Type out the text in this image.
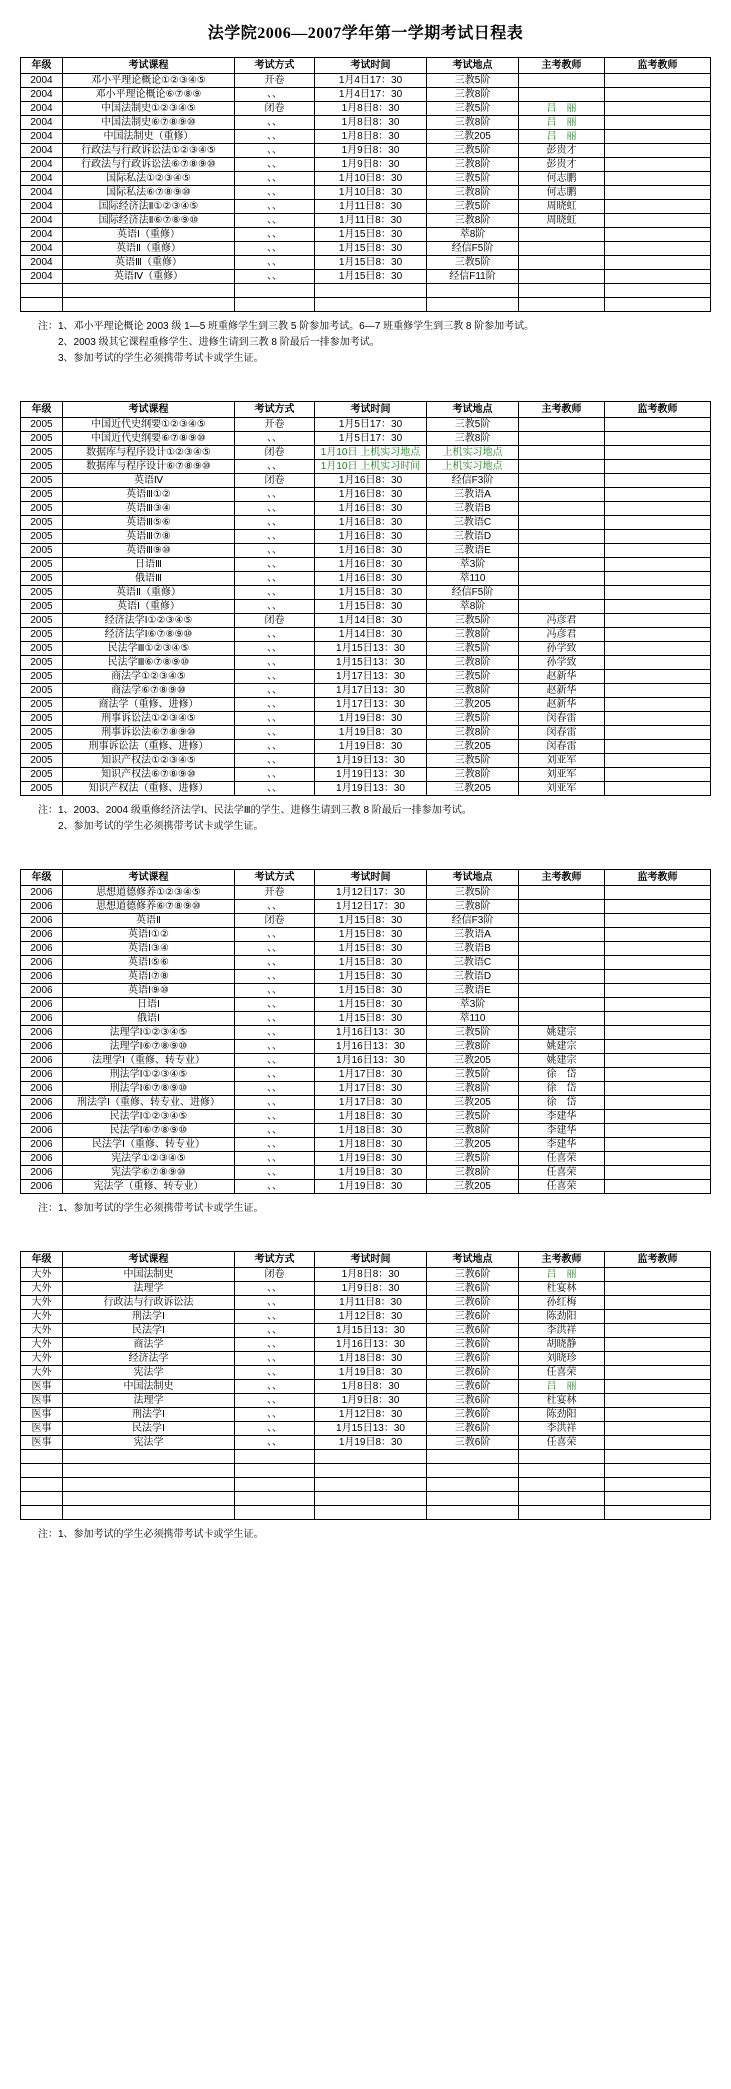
法学院2006—2007学年第一学期考试日程表
年级	考试课程	考试方式	考试时间	考试地点	主考教师	监考教师
2004	邓小平理论概论①②③④⑤	开卷	1月4日17：30	三教5阶		
2004	邓小平理论概论⑥⑦⑧⑨	、、	1月4日17：30	三教8阶		
2004	中国法制史①②③④⑤	闭卷	1月8日8：30	三教5阶	吕　丽	
2004	中国法制史⑥⑦⑧⑨⑩	、、	1月8日8：30	三教8阶	吕　丽	
2004	中国法制史（重修）	、、	1月8日8：30	三教205	吕　丽	
2004	行政法与行政诉讼法①②③④⑤	、、	1月9日8：30	三教5阶	彭贵才	
2004	行政法与行政诉讼法⑥⑦⑧⑨⑩	、、	1月9日8：30	三教8阶	彭贵才	
2004	国际私法①②③④⑤	、、	1月10日8：30	三教5阶	何志鹏	
2004	国际私法⑥⑦⑧⑨⑩	、、	1月10日8：30	三教8阶	何志鹏	
2004	国际经济法Ⅱ①②③④⑤	、、	1月11日8：30	三教5阶	周晓虹	
2004	国际经济法Ⅱ⑥⑦⑧⑨⑩	、、	1月11日8：30	三教8阶	周晓虹	
2004	英语Ⅰ（重修）	、、	1月15日8：30	萃8阶		
2004	英语Ⅱ（重修）	、、	1月15日8：30	经信F5阶		
2004	英语Ⅲ（重修）	、、	1月15日8：30	三教5阶		
2004	英语Ⅳ（重修）	、、	1月15日8：30	经信F11阶		

注：1、邓小平理论概论 2003 级 1—5 班重修学生到三教 5 阶参加考试。6—7 班重修学生到三教 8 阶参加考试。
　　2、2003 级其它课程重修学生、进修生请到三教 8 阶最后一排参加考试。
　　3、参加考试的学生必须携带考试卡或学生证。
年级	考试课程	考试方式	考试时间	考试地点	主考教师	监考教师
2005	中国近代史纲要①②③④⑤	开卷	1月5日17：30	三教5阶		
2005	中国近代史纲要⑥⑦⑧⑨⑩	、、	1月5日17：30	三教8阶		
2005	数据库与程序设计①②③④⑤	闭卷	1月10日 上机实习地点	上机实习地点		
2005	数据库与程序设计⑥⑦⑧⑨⑩	、、	1月10日 上机实习时间	上机实习地点		
2005	英语Ⅳ	闭卷	1月16日8：30	经信F3阶		
2005	英语Ⅲ①②	、、	1月16日8：30	三教语A		
2005	英语Ⅲ③④	、、	1月16日8：30	三教语B		
2005	英语Ⅲ⑤⑥	、、	1月16日8：30	三教语C		
2005	英语Ⅲ⑦⑧	、、	1月16日8：30	三教语D		
2005	英语Ⅲ⑨⑩	、、	1月16日8：30	三教语E		
2005	日语Ⅲ	、、	1月16日8：30	萃3阶		
2005	俄语Ⅲ	、、	1月16日8：30	萃110		
2005	英语Ⅱ（重修）	、、	1月15日8：30	经信F5阶		
2005	英语Ⅰ（重修）	、、	1月15日8：30	萃8阶		
2005	经济法学Ⅰ①②③④⑤	闭卷	1月14日8：30	三教5阶	冯彦君	
2005	经济法学Ⅰ⑥⑦⑧⑨⑩	、、	1月14日8：30	三教8阶	冯彦君	
2005	民法学Ⅲ①②③④⑤	、、	1月15日13：30	三教5阶	孙学致	
2005	民法学Ⅲ⑥⑦⑧⑨⑩	、、	1月15日13：30	三教8阶	孙学致	
2005	商法学①②③④⑤	、、	1月17日13：30	三教5阶	赵新华	
2005	商法学⑥⑦⑧⑨⑩	、、	1月17日13：30	三教8阶	赵新华	
2005	商法学（重修、进修）	、、	1月17日13：30	三教205	赵新华	
2005	刑事诉讼法①②③④⑤	、、	1月19日8：30	三教5阶	闵春雷	
2005	刑事诉讼法⑥⑦⑧⑨⑩	、、	1月19日8：30	三教8阶	闵春雷	
2005	刑事诉讼法（重修、进修）	、、	1月19日8：30	三教205	闵春雷	
2005	知识产权法①②③④⑤	、、	1月19日13：30	三教5阶	刘亚军	
2005	知识产权法⑥⑦⑧⑨⑩	、、	1月19日13：30	三教8阶	刘亚军	
2005	知识产权法（重修、进修）	、、	1月19日13：30	三教205	刘亚军	
注：1、2003、2004 级重修经济法学Ⅰ、民法学Ⅲ的学生、进修生请到三教 8 阶最后一排参加考试。
　　2、参加考试的学生必须携带考试卡或学生证。
年级	考试课程	考试方式	考试时间	考试地点	主考教师	监考教师
2006	思想道德修养①②③④⑤	开卷	1月12日17：30	三教5阶		
2006	思想道德修养⑥⑦⑧⑨⑩	、、	1月12日17：30	三教8阶		
2006	英语Ⅱ	闭卷	1月15日8：30	经信F3阶		
2006	英语Ⅰ①②	、、	1月15日8：30	三教语A		
2006	英语Ⅰ③④	、、	1月15日8：30	三教语B		
2006	英语Ⅰ⑤⑥	、、	1月15日8：30	三教语C		
2006	英语Ⅰ⑦⑧	、、	1月15日8：30	三教语D		
2006	英语Ⅰ⑨⑩	、、	1月15日8：30	三教语E		
2006	日语Ⅰ	、、	1月15日8：30	萃3阶		
2006	俄语Ⅰ	、、	1月15日8：30	萃110		
2006	法理学Ⅰ①②③④⑤	、、	1月16日13：30	三教5阶	姚建宗	
2006	法理学Ⅰ⑥⑦⑧⑨⑩	、、	1月16日13：30	三教8阶	姚建宗	
2006	法理学Ⅰ（重修、转专业）	、、	1月16日13：30	三教205	姚建宗	
2006	刑法学Ⅰ①②③④⑤	、、	1月17日8：30	三教5阶	徐　岱	
2006	刑法学Ⅰ⑥⑦⑧⑨⑩	、、	1月17日8：30	三教8阶	徐　岱	
2006	刑法学Ⅰ（重修、转专业、进修）	、、	1月17日8：30	三教205	徐　岱	
2006	民法学Ⅰ①②③④⑤	、、	1月18日8：30	三教5阶	李建华	
2006	民法学Ⅰ⑥⑦⑧⑨⑩	、、	1月18日8：30	三教8阶	李建华	
2006	民法学Ⅰ（重修、转专业）	、、	1月18日8：30	三教205	李建华	
2006	宪法学①②③④⑤	、、	1月19日8：30	三教5阶	任喜荣	
2006	宪法学⑥⑦⑧⑨⑩	、、	1月19日8：30	三教8阶	任喜荣	
2006	宪法学（重修、转专业）	、、	1月19日8：30	三教205	任喜荣	
注：1、参加考试的学生必须携带考试卡或学生证。
年级	考试课程	考试方式	考试时间	考试地点	主考教师	监考教师
大外	中国法制史	闭卷	1月8日8：30	三教6阶	吕　丽	
大外	法理学	、、	1月9日8：30	三教6阶	杜宴林	
大外	行政法与行政诉讼法	、、	1月11日8：30	三教6阶	孙红梅	
大外	刑法学Ⅰ	、、	1月12日8：30	三教6阶	陈劲阳	
大外	民法学Ⅰ	、、	1月15日13：30	三教6阶	李洪祥	
大外	商法学	、、	1月16日13：30	三教6阶	胡晓静	
大外	经济法学	、、	1月18日8：30	三教6阶	刘晓珍	
大外	宪法学	、、	1月19日8：30	三教6阶	任喜荣	
医事	中国法制史	、、	1月8日8：30	三教6阶	吕　丽	
医事	法理学	、、	1月9日8：30	三教6阶	杜宴林	
医事	刑法学Ⅰ	、、	1月12日8：30	三教6阶	陈劲阳	
医事	民法学Ⅰ	、、	1月15日13：30	三教6阶	李洪祥	
医事	宪法学	、、	1月19日8：30	三教6阶	任喜荣	

注：1、参加考试的学生必须携带考试卡或学生证。
